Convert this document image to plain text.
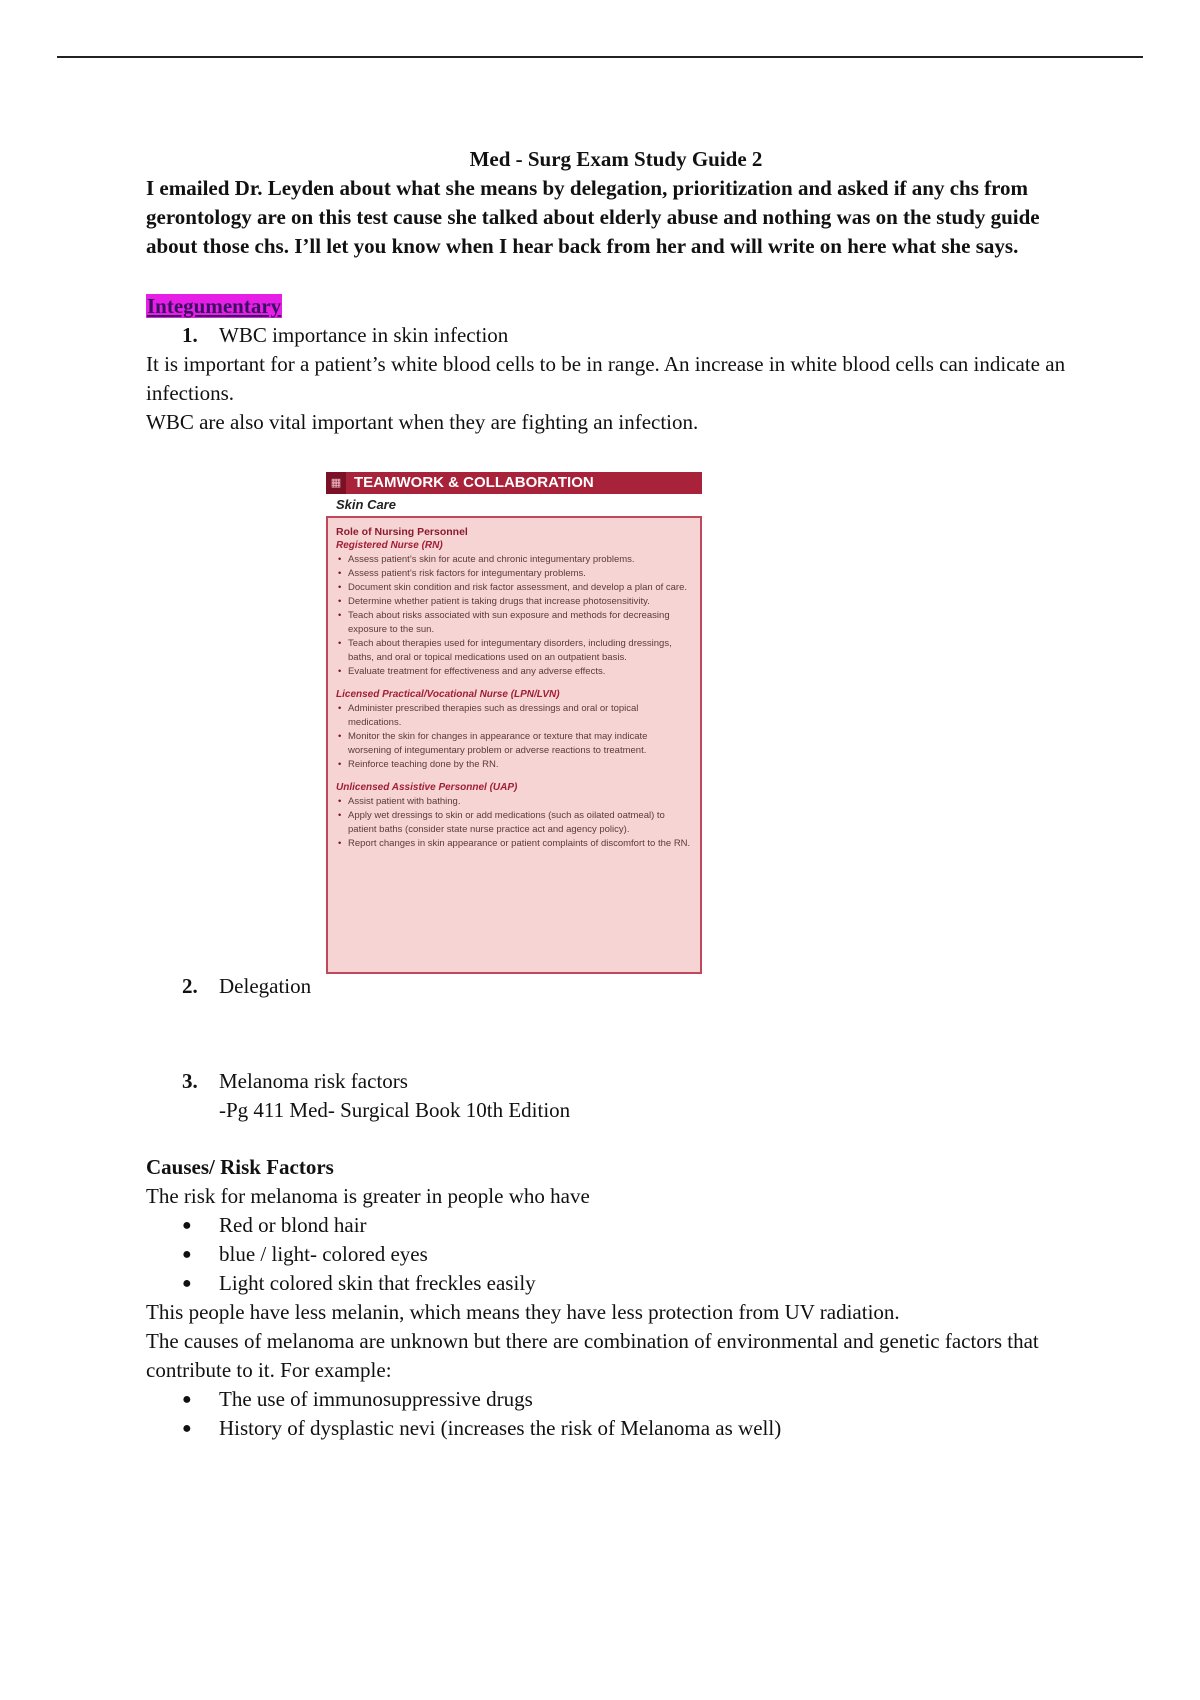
Med - Surg Exam Study Guide 2
I emailed Dr. Leyden about what she means by delegation, prioritization and asked if any chs from gerontology are on this test cause she talked about elderly abuse and nothing was on the study guide about those chs. I’ll let you know when I hear back from her and will write on here what she says.
Integumentary
1.	WBC importance in skin infection

It is important for a patient’s white blood cells to be in range. An increase in white blood cells can indicate an infections.

WBC are also vital important when they are fighting an infection.

▦ TEAMWORK & COLLABORATION
Skin Care
Role of Nursing Personnel
Registered Nurse (RN)
• Assess patient’s skin for acute and chronic integumentary problems.
• Assess patient’s risk factors for integumentary problems.
• Document skin condition and risk factor assessment, and develop a plan of care.
• Determine whether patient is taking drugs that increase photosensitivity.
• Teach about risks associated with sun exposure and methods for decreasing exposure to the sun.
• Teach about therapies used for integumentary disorders, including dressings, baths, and oral or topical medications used on an outpatient basis.
• Evaluate treatment for effectiveness and any adverse effects.
Licensed Practical/Vocational Nurse (LPN/LVN)
• Administer prescribed therapies such as dressings and oral or topical medications.
• Monitor the skin for changes in appearance or texture that may indicate worsening of integumentary problem or adverse reactions to treatment.
• Reinforce teaching done by the RN.
Unlicensed Assistive Personnel (UAP)
• Assist patient with bathing.
• Apply wet dressings to skin or add medications (such as oilated oatmeal) to patient baths (consider state nurse practice act and agency policy).
• Report changes in skin appearance or patient complaints of discomfort to the RN.
2.	Delegation
3.	Melanoma risk factors
-Pg 411 Med- Surgical Book 10th Edition
Causes/ Risk Factors

The risk for melanoma is greater in people who have

●	Red or blond hair
●	blue / light- colored eyes
●	Light colored skin that freckles easily

This people have less melanin, which means they have less protection from UV radiation.

The causes of melanoma are unknown but there are combination of environmental and genetic factors that contribute to it. For example:

●	The use of immunosuppressive drugs
●	History of dysplastic nevi (increases the risk of Melanoma as well)
